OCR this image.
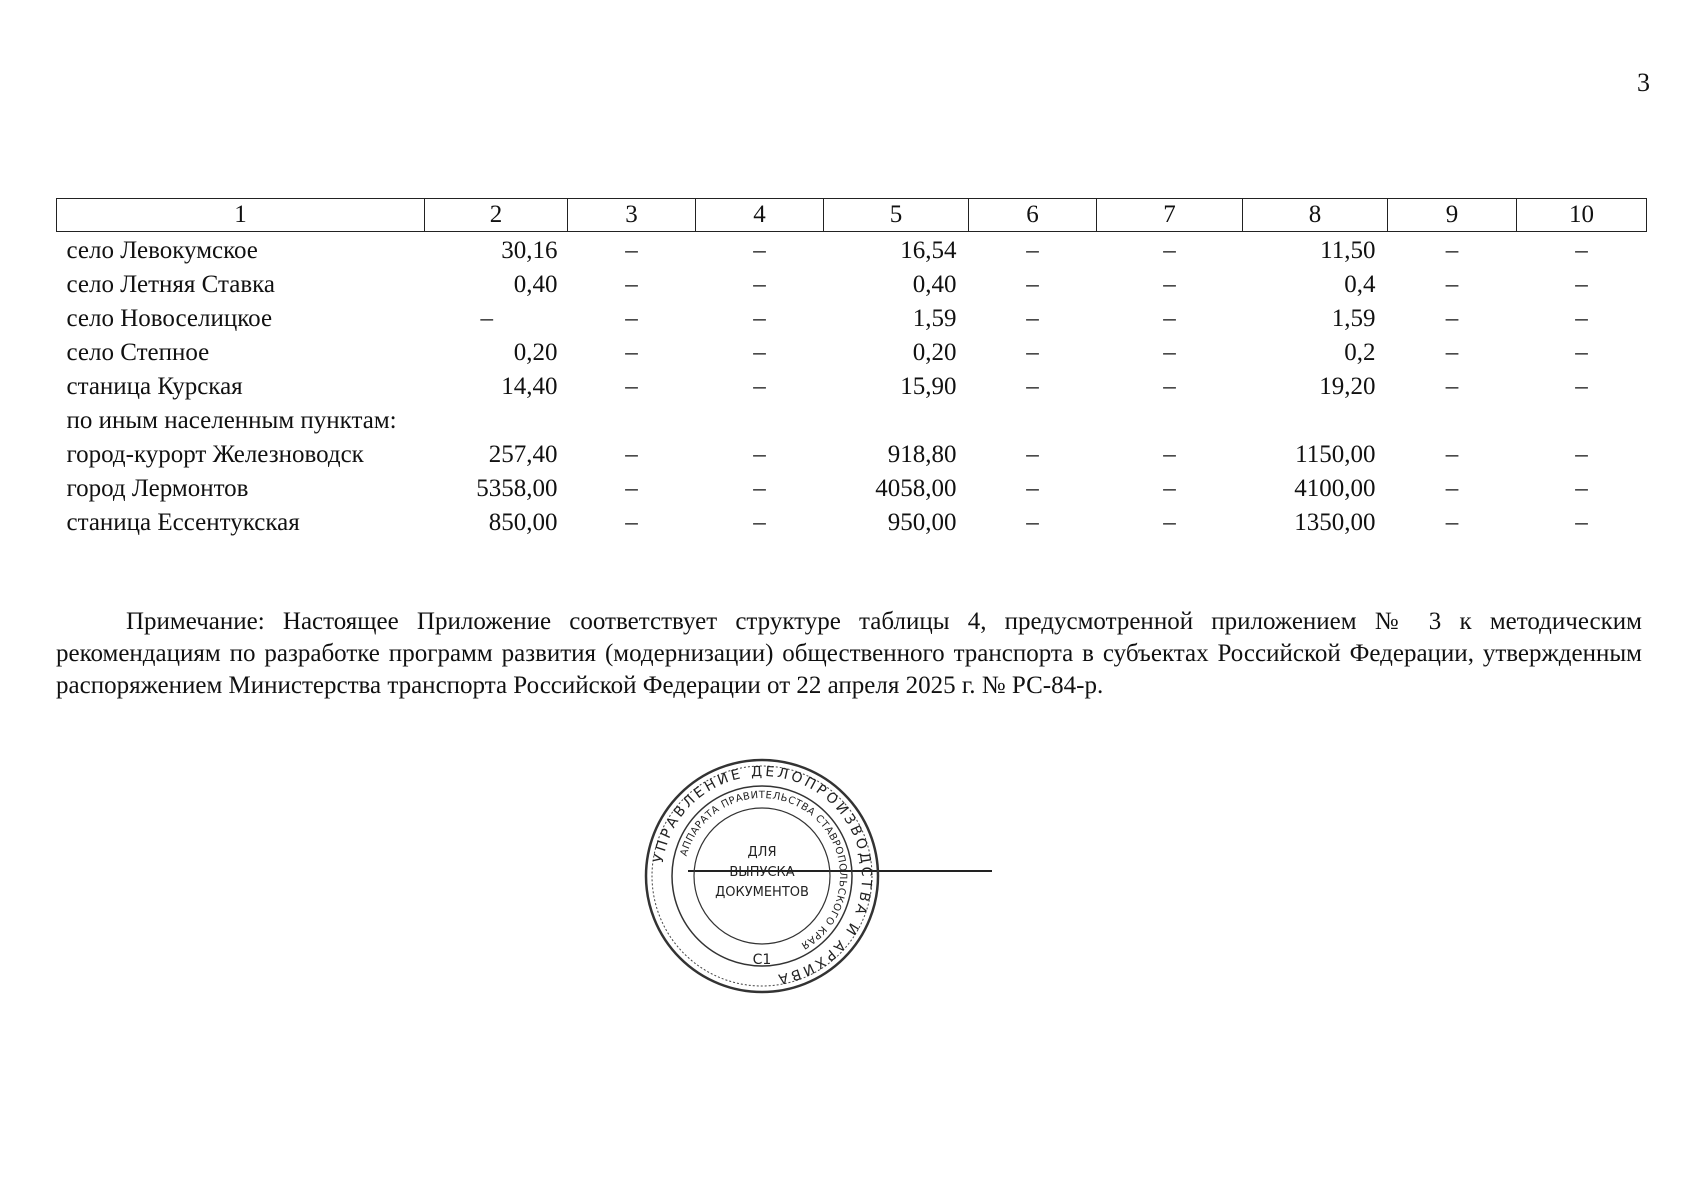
3
1	2	3	4	5	6	7	8	9	10

село Левокумское	30,16	–	–	16,54	–	–	11,50	–	–
село Летняя Ставка	0,40	–	–	0,40	–	–	0,4	–	–
село Новоселицкое	–	–	–	1,59	–	–	1,59	–	–
село Степное	0,20	–	–	0,20	–	–	0,2	–	–
станица Курская	14,40	–	–	15,90	–	–	19,20	–	–
по иным населенным пунктам:									
город-курорт Железноводск	257,40	–	–	918,80	–	–	1150,00	–	–
город Лермонтов	5358,00	–	–	4058,00	–	–	4100,00	–	–
станица Ессентукская	850,00	–	–	950,00	–	–	1350,00	–	–

Примечание: Настоящее Приложение соответствует структуре таблицы 4, предусмотренной приложением № 3 к методическим рекомендациям по разработке программ развития (модернизации) общественного транспорта в субъектах Российской Федерации, утвержденным распоряжением Министерства транспорта Российской Федерации от 22 апреля 2025 г. № РС-84-р.

УПРАВЛЕНИЕ ДЕЛОПРОИЗВОДСТВА И АРХИВА
АППАРАТА ПРАВИТЕЛЬСТВА СТАВРОПОЛЬСКОГО КРАЯ
ДЛЯ
ВЫПУСКА
ДОКУМЕНТОВ
С1
